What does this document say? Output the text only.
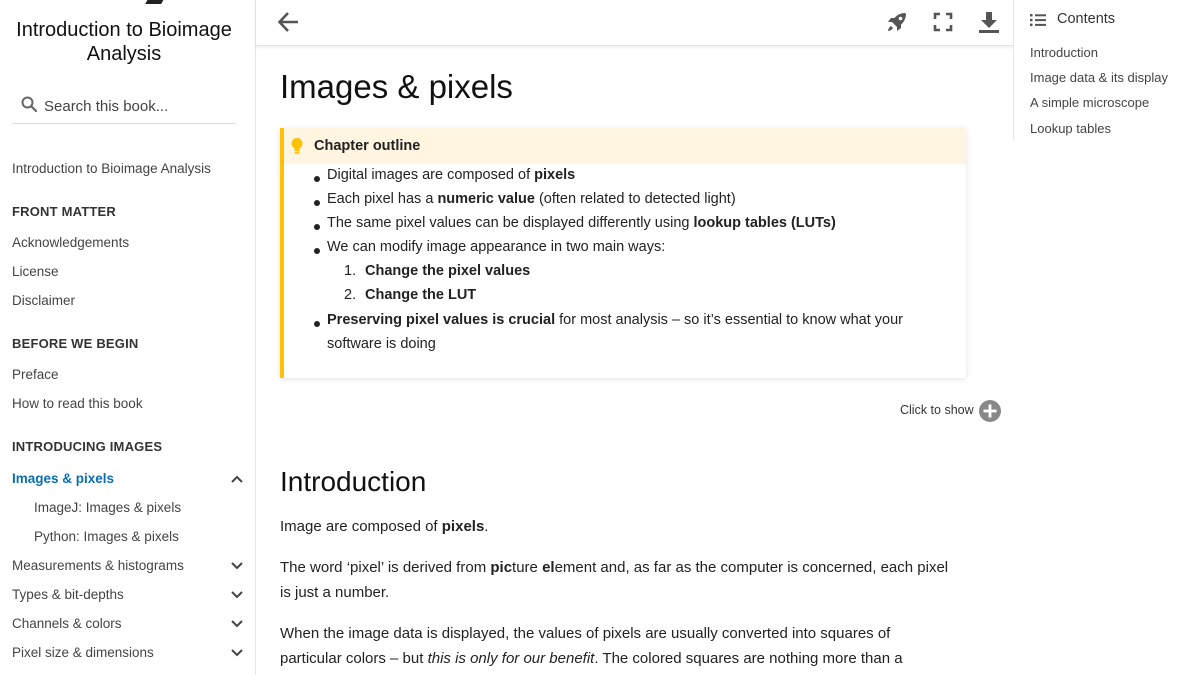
Introduction to Bioimage Analysis
Search this book...
Introduction to Bioimage Analysis
FRONT MATTER
Acknowledgements
License
Disclaimer
BEFORE WE BEGIN
Preface
How to read this book
INTRODUCING IMAGES
Images & pixels
ImageJ: Images & pixels
Python: Images & pixels
Measurements & histograms
Types & bit-depths
Channels & colors
Pixel size & dimensions
Images & pixels
Chapter outline
Digital images are composed of pixels
Each pixel has a numeric value (often related to detected light)
The same pixel values can be displayed differently using lookup tables (LUTs)
We can modify image appearance in two main ways:
1. Change the pixel values
2. Change the LUT
Preserving pixel values is crucial for most analysis – so it’s essential to know what your
software is doing
Click to show
Introduction

Image are composed of pixels.

The word ‘pixel’ is derived from picture element and, as far as the computer is concerned, each pixel
is just a number.

When the image data is displayed, the values of pixels are usually converted into squares of
particular colors – but this is only for our benefit. The colored squares are nothing more than a

Contents
Introduction
Image data & its display
A simple microscope
Lookup tables
